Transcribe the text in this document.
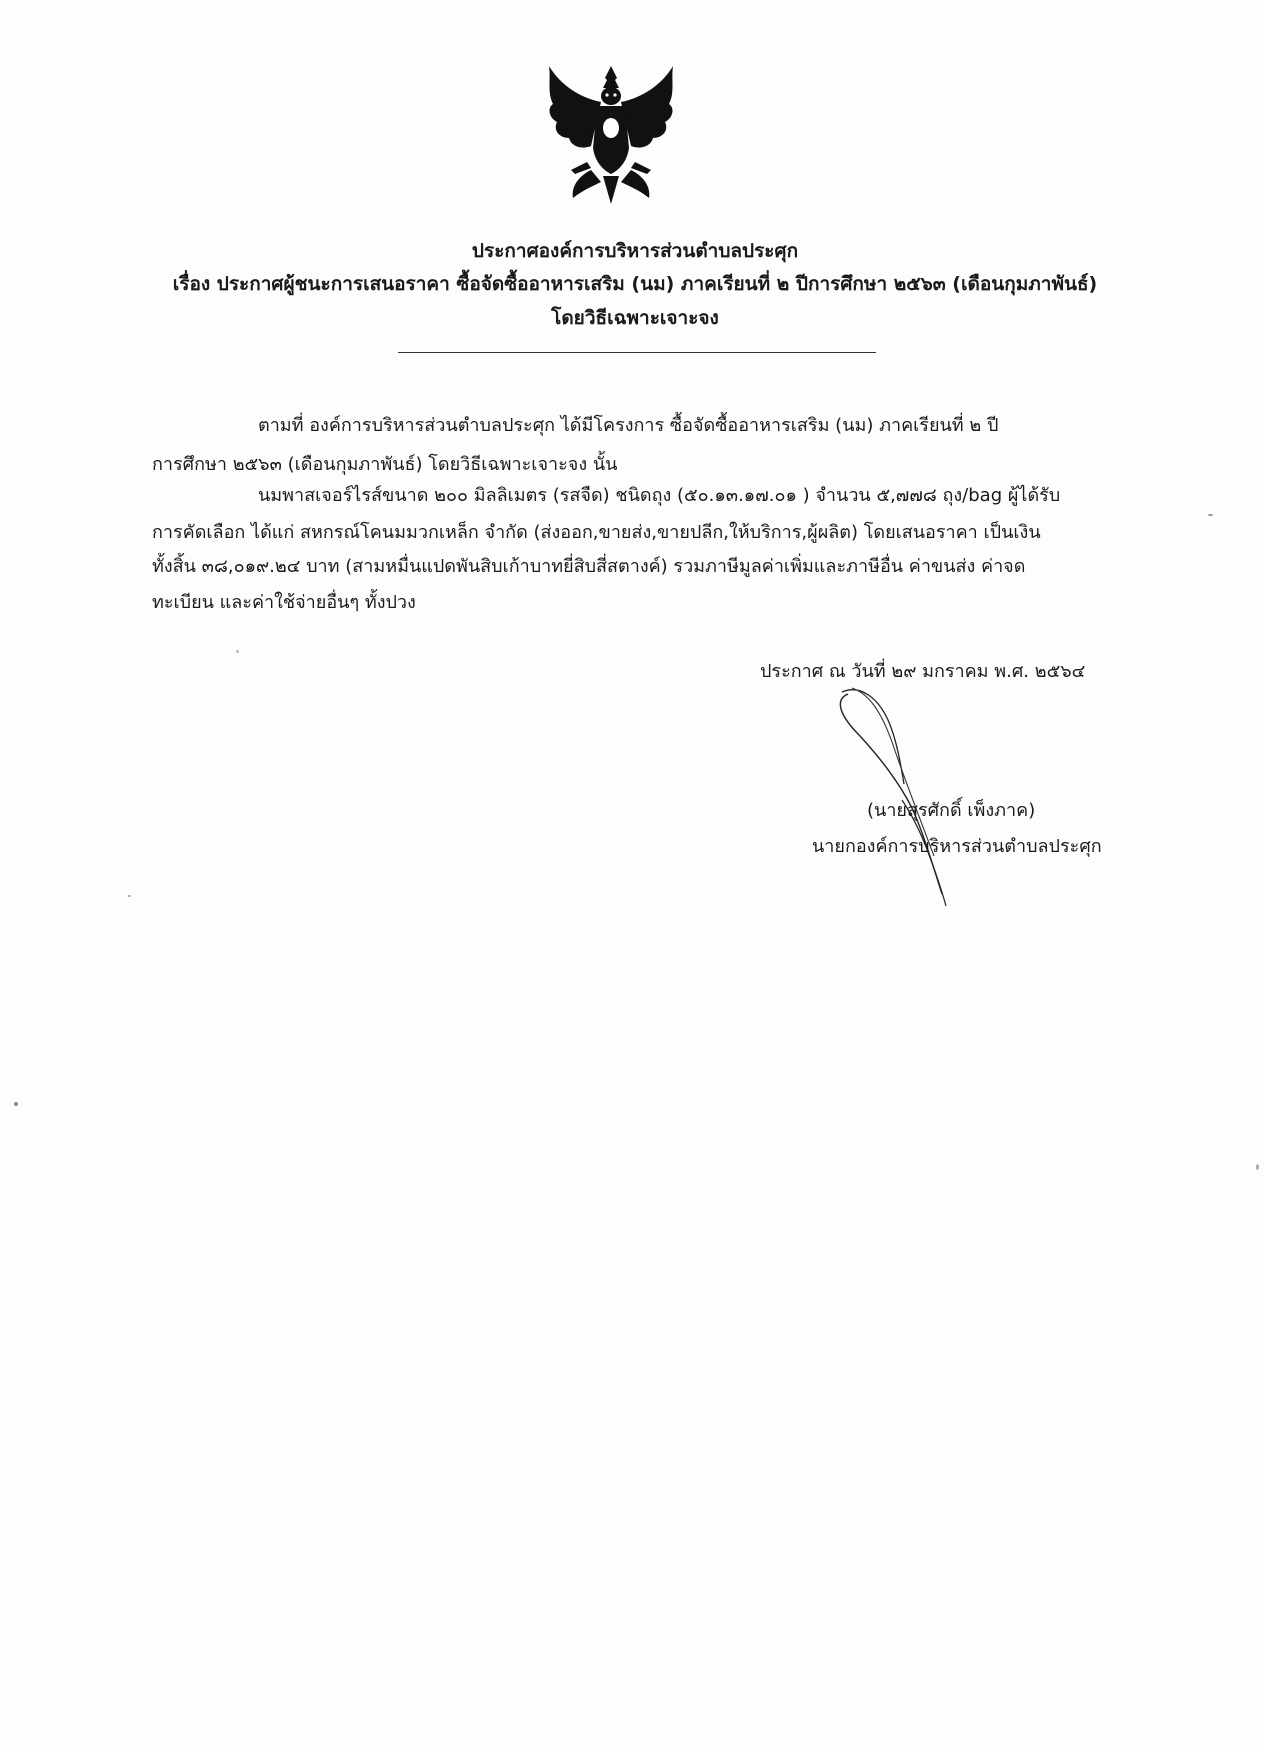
ประกาศองค์การบริหารส่วนตำบลประศุก
เรื่อง ประกาศผู้ชนะการเสนอราคา ซื้อจัดซื้ออาหารเสริม (นม) ภาคเรียนที่ ๒ ปีการศึกษา ๒๕๖๓ (เดือนกุมภาพันธ์)
โดยวิธีเฉพาะเจาะจง
ตามที่ องค์การบริหารส่วนตำบลประศุก ได้มีโครงการ ซื้อจัดซื้ออาหารเสริม (นม) ภาคเรียนที่ ๒ ปี
การศึกษา ๒๕๖๓ (เดือนกุมภาพันธ์) โดยวิธีเฉพาะเจาะจง นั้น
นมพาสเจอร์ไรส์ขนาด ๒๐๐ มิลลิเมตร (รสจืด) ชนิดถุง (๕๐.๑๓.๑๗.๐๑ ) จำนวน ๕,๗๗๘ ถุง/bag ผู้ได้รับ
การคัดเลือก ได้แก่ สหกรณ์โคนมมวกเหล็ก จำกัด (ส่งออก,ขายส่ง,ขายปลีก,ให้บริการ,ผู้ผลิต) โดยเสนอราคา เป็นเงิน
ทั้งสิ้น ๓๘,๐๑๙.๒๔ บาท (สามหมื่นแปดพันสิบเก้าบาทยี่สิบสี่สตางค์) รวมภาษีมูลค่าเพิ่มและภาษีอื่น ค่าขนส่ง ค่าจด
ทะเบียน และค่าใช้จ่ายอื่นๆ ทั้งปวง
ประกาศ ณ วันที่ ๒๙ มกราคม พ.ศ. ๒๕๖๔
(นายสุรศักดิ์ เพ็งภาค)
นายกองค์การบริหารส่วนตำบลประศุก
